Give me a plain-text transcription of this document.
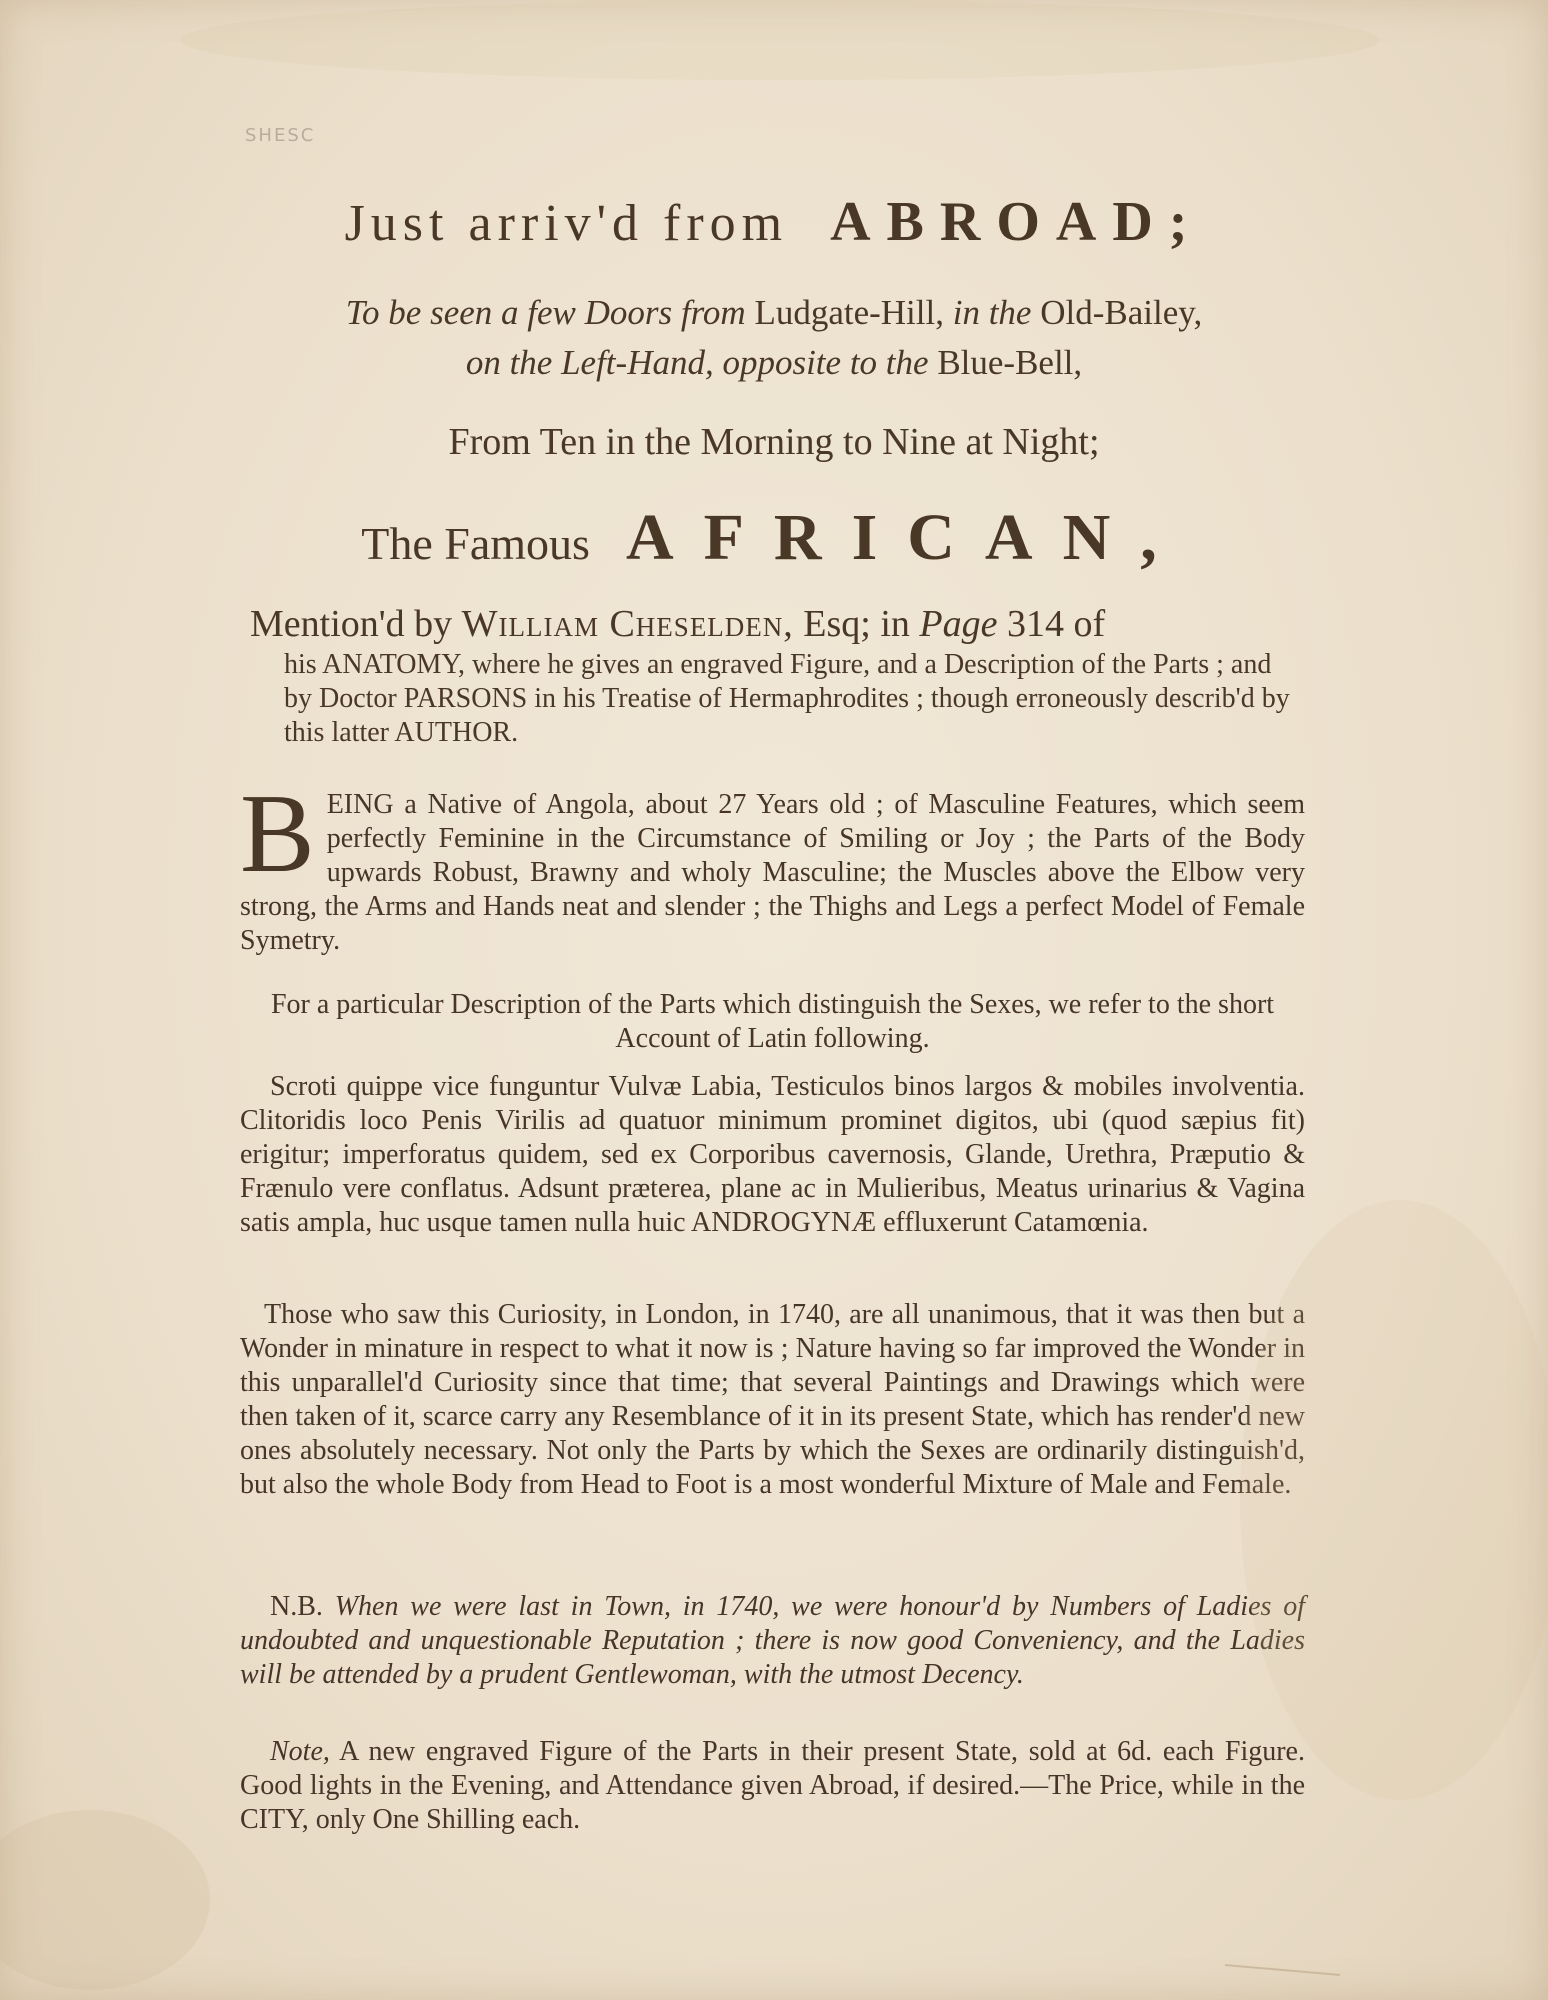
SHESC
Just arriv'd from ABROAD;
To be seen a few Doors from Ludgate-Hill, in the Old-Bailey,
on the Left-Hand, opposite to the Blue-Bell,
From Ten in the Morning to Nine at Night;
The Famous AFRICAN,
Mention'd by William Cheselden, Esq; in Page 314 of
his ANATOMY, where he gives an engraved Figure, and a Description of the Parts ; and by Doctor PARSONS in his Treatise of Hermaphrodites ; though erroneously describ'd by this latter AUTHOR.
BEING a Native of Angola, about 27 Years old ; of Masculine Features, which seem perfectly Feminine in the Circumstance of Smiling or Joy ; the Parts of the Body upwards Robust, Brawny and wholy Masculine; the Muscles above the Elbow very strong, the Arms and Hands neat and slender ; the Thighs and Legs a perfect Model of Female Symetry.
For a particular Description of the Parts which distinguish the Sexes, we refer to the short Account of Latin following.
Scroti quippe vice funguntur Vulvæ Labia, Testiculos binos largos & mobiles involventia. Clitoridis loco Penis Virilis ad quatuor minimum prominet digitos, ubi (quod sæpius fit) erigitur; imperforatus quidem, sed ex Corporibus cavernosis, Glande, Urethra, Præputio & Frænulo vere conflatus. Adsunt præterea, plane ac in Mulieribus, Meatus urinarius & Vagina satis ampla, huc usque tamen nulla huic ANDROGYNÆ effluxerunt Catamœnia.
Those who saw this Curiosity, in London, in 1740, are all unanimous, that it was then but a Wonder in minature in respect to what it now is ; Nature having so far improved the Wonder in this unparallel'd Curiosity since that time; that several Paintings and Drawings which were then taken of it, scarce carry any Resemblance of it in its present State, which has render'd new ones absolutely necessary. Not only the Parts by which the Sexes are ordinarily distinguish'd, but also the whole Body from Head to Foot is a most wonderful Mixture of Male and Female.
N.B. When we were last in Town, in 1740, we were honour'd by Numbers of Ladies of undoubted and unquestionable Reputation ; there is now good Conveniency, and the Ladies will be attended by a prudent Gentlewoman, with the utmost Decency.
Note, A new engraved Figure of the Parts in their present State, sold at 6d. each Figure. Good lights in the Evening, and Attendance given Abroad, if desired.—The Price, while in the CITY, only One Shilling each.
